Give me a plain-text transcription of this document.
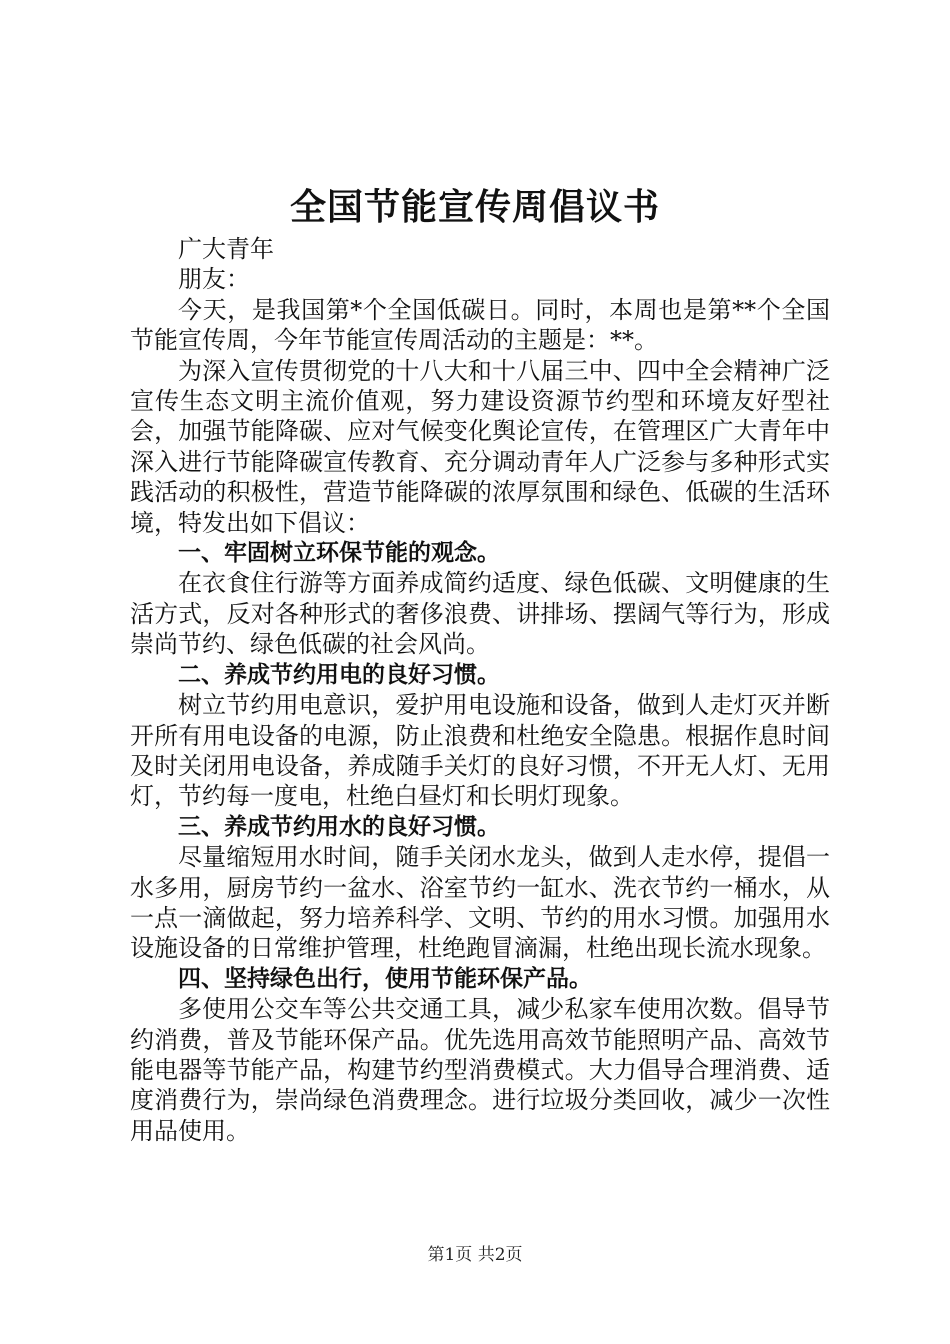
全国节能宣传周倡议书

广大青年

朋友：

今天，是我国第*个全国低碳日。同时，本周也是第**个全国节能宣传周，今年节能宣传周活动的主题是：**。

为深入宣传贯彻党的十八大和十八届三中、四中全会精神广泛宣传生态文明主流价值观，努力建设资源节约型和环境友好型社会，加强节能降碳、应对气候变化舆论宣传，在管理区广大青年中深入进行节能降碳宣传教育、充分调动青年人广泛参与多种形式实践活动的积极性，营造节能降碳的浓厚氛围和绿色、低碳的生活环境，特发出如下倡议：

一、牢固树立环保节能的观念。

在衣食住行游等方面养成简约适度、绿色低碳、文明健康的生活方式，反对各种形式的奢侈浪费、讲排场、摆阔气等行为，形成崇尚节约、绿色低碳的社会风尚。

二、养成节约用电的良好习惯。

树立节约用电意识，爱护用电设施和设备，做到人走灯灭并断开所有用电设备的电源，防止浪费和杜绝安全隐患。根据作息时间及时关闭用电设备，养成随手关灯的良好习惯，不开无人灯、无用灯，节约每一度电，杜绝白昼灯和长明灯现象。

三、养成节约用水的良好习惯。

尽量缩短用水时间，随手关闭水龙头，做到人走水停，提倡一水多用，厨房节约一盆水、浴室节约一缸水、洗衣节约一桶水，从一点一滴做起，努力培养科学、文明、节约的用水习惯。加强用水设施设备的日常维护管理，杜绝跑冒滴漏，杜绝出现长流水现象。

四、坚持绿色出行，使用节能环保产品。

多使用公交车等公共交通工具，减少私家车使用次数。倡导节约消费，普及节能环保产品。优先选用高效节能照明产品、高效节能电器等节能产品，构建节约型消费模式。大力倡导合理消费、适度消费行为，崇尚绿色消费理念。进行垃圾分类回收，减少一次性用品使用。

第1页 共2页
